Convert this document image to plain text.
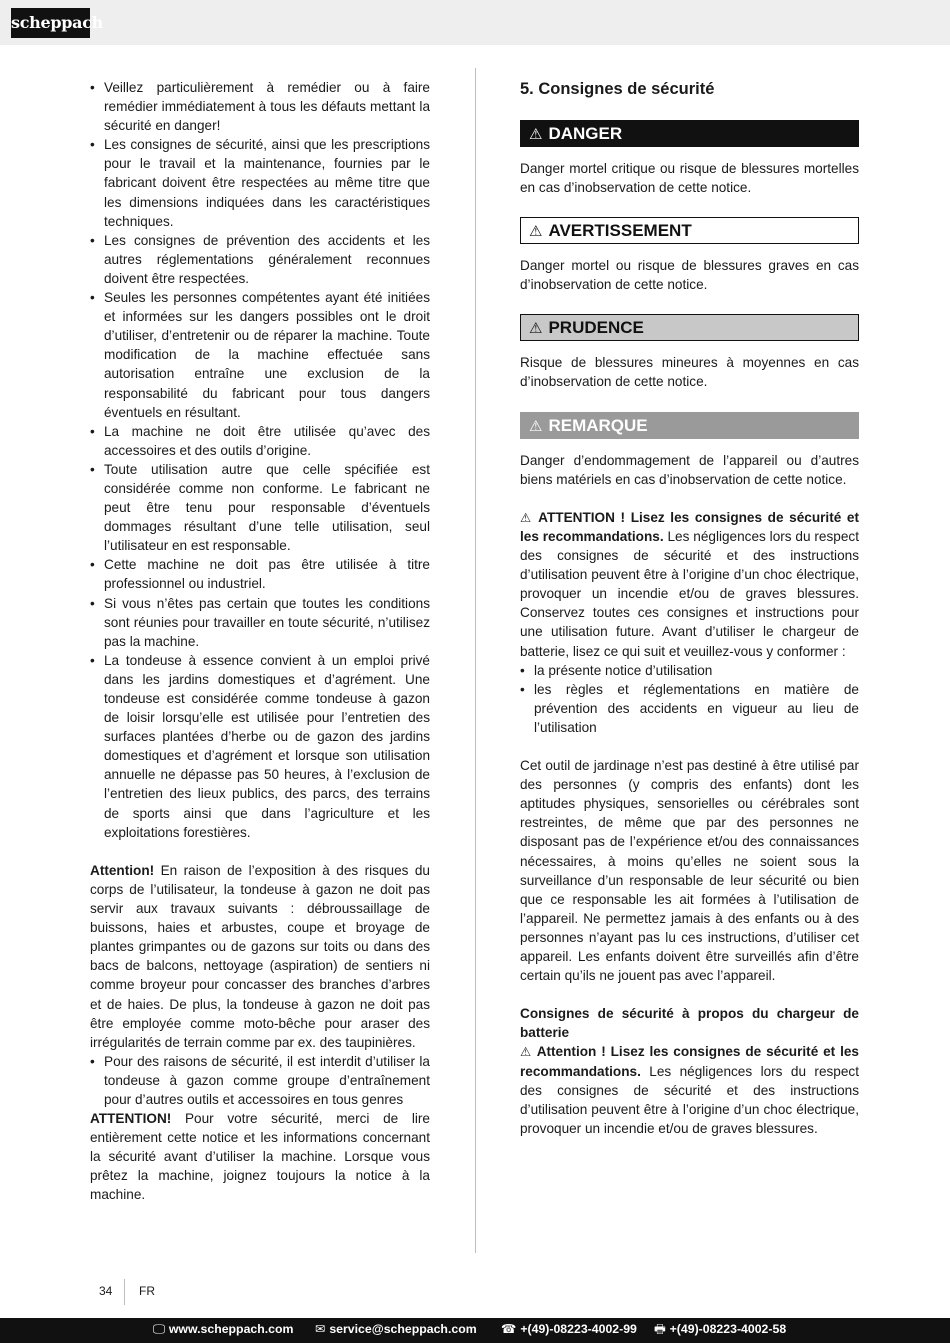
scheppach
• Veillez particulièrement à remédier ou à faire remédier immédiatement à tous les défauts mettant la sécurité en danger!
• Les consignes de sécurité, ainsi que les prescriptions pour le travail et la maintenance, fournies par le fabricant doivent être respectées au même titre que les dimensions indiquées dans les caractéristiques techniques.
• Les consignes de prévention des accidents et les autres réglementations généralement reconnues doivent être respectées.
• Seules les personnes compétentes ayant été initiées et informées sur les dangers possibles ont le droit d’utiliser, d’entretenir ou de réparer la machine. Toute modification de la machine effectuée sans autorisation entraîne une exclusion de la responsabilité du fabricant pour tous dangers éventuels en résultant.
• La machine ne doit être utilisée qu’avec des accessoires et des outils d’origine.
• Toute utilisation autre que celle spécifiée est considérée comme non conforme. Le fabricant ne peut être tenu pour responsable d’éventuels dommages résultant d’une telle utilisation, seul l’utilisateur en est responsable.
• Cette machine ne doit pas être utilisée à titre professionnel ou industriel.
• Si vous n’êtes pas certain que toutes les conditions sont réunies pour travailler en toute sécurité, n’utilisez pas la machine.
• La tondeuse à essence convient à un emploi privé dans les jardins domestiques et d’agrément. Une tondeuse est considérée comme tondeuse à gazon de loisir lorsqu’elle est utilisée pour l’entretien des surfaces plantées d’herbe ou de gazon des jardins domestiques et d’agrément et lorsque son utilisation annuelle ne dépasse pas 50 heures, à l’exclusion de l’entretien des lieux publics, des parcs, des terrains de sports ainsi que dans l’agriculture et les exploitations forestières.

Attention! En raison de l’exposition à des risques du corps de l’utilisateur, la tondeuse à gazon ne doit pas servir aux travaux suivants : débroussaillage de buissons, haies et arbustes, coupe et broyage de plantes grimpantes ou de gazons sur toits ou dans des bacs de balcons, nettoyage (aspiration) de sentiers ni comme broyeur pour concasser des branches d’arbres et de haies. De plus, la tondeuse à gazon ne doit pas être employée comme moto-bêche pour araser des irrégularités de terrain comme par ex. des taupinières.

• Pour des raisons de sécurité, il est interdit d’utiliser la tondeuse à gazon comme groupe d’entraînement pour d’autres outils et accessoires en tous genres

ATTENTION! Pour votre sécurité, merci de lire entièrement cette notice et les informations concernant la sécurité avant d’utiliser la machine. Lorsque vous prêtez la machine, joignez toujours la notice à la machine.

5. Consignes de sécurité
⚠ DANGER

Danger mortel critique ou risque de blessures mortelles en cas d’inobservation de cette notice.

⚠ AVERTISSEMENT

Danger mortel ou risque de blessures graves en cas d’inobservation de cette notice.

⚠ PRUDENCE

Risque de blessures mineures à moyennes en cas d’inobservation de cette notice.

⚠ REMARQUE

Danger d’endommagement de l’appareil ou d’autres biens matériels en cas d’inobservation de cette notice.

⚠ ATTENTION ! Lisez les consignes de sécurité et les recommandations. Les négligences lors du respect des consignes de sécurité et des instructions d’utilisation peuvent être à l’origine d’un choc électrique, provoquer un incendie et/ou de graves blessures. Conservez toutes ces consignes et instructions pour une utilisation future. Avant d’utiliser le chargeur de batterie, lisez ce qui suit et veuillez-vous y conformer :

• la présente notice d’utilisation
• les règles et réglementations en matière de prévention des accidents en vigueur au lieu de l’utilisation

Cet outil de jardinage n’est pas destiné à être utilisé par des personnes (y compris des enfants) dont les aptitudes physiques, sensorielles ou cérébrales sont restreintes, de même que par des personnes ne disposant pas de l’expérience et/ou des connaissances nécessaires, à moins qu’elles ne soient sous la surveillance d’un responsable de leur sécurité ou bien que ce responsable les ait formées à l’utilisation de l’appareil. Ne permettez jamais à des enfants ou à des personnes n’ayant pas lu ces instructions, d’utiliser cet appareil. Les enfants doivent être surveillés afin d’être certain qu’ils ne jouent pas avec l’appareil.

Consignes de sécurité à propos du chargeur de batterie

⚠ Attention ! Lisez les consignes de sécurité et les recommandations. Les négligences lors du respect des consignes de sécurité et des instructions d’utilisation peuvent être à l’origine d’un choc électrique, provoquer un incendie et/ou de graves blessures.

34 FR
🖵 www.scheppach.com ✉ service@scheppach.com ☎ +(49)-08223-4002-99 🖶 +(49)-08223-4002-58
